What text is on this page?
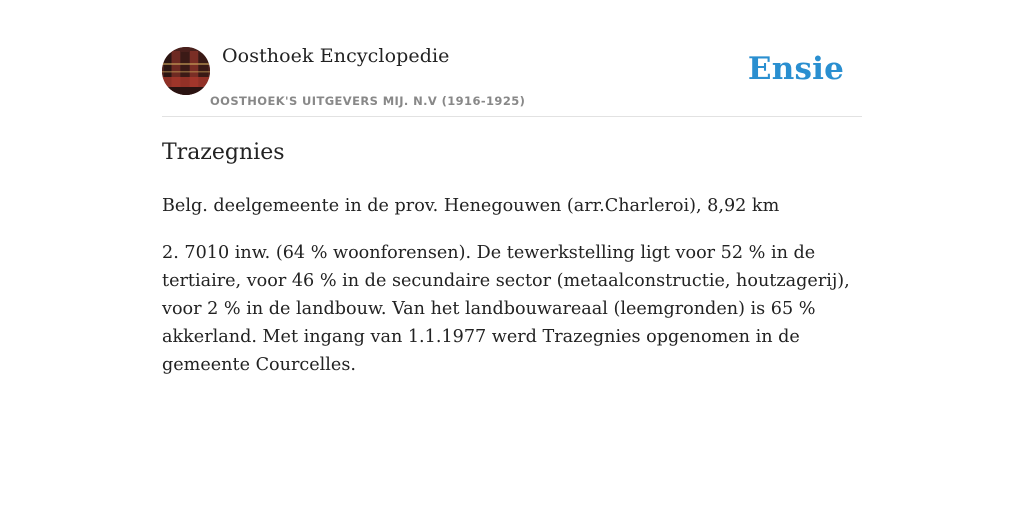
Oosthoek Encyclopedie	Ensie
OOSTHOEK'S UITGEVERS MIJ. N.V (1916-1925)
Trazegnies

Belg. deelgemeente in de prov. Henegouwen (arr.Charleroi), 8,92 km

2. 7010 inw. (64 % woonforensen). De tewerkstelling ligt voor 52 % in de tertiaire, voor 46 % in de secundaire sector (metaalconstructie, houtzagerij), voor 2 % in de landbouw. Van het landbouwareaal (leemgronden) is 65 % akkerland. Met ingang van 1.1.1977 werd Trazegnies opgenomen in de gemeente Courcelles.
